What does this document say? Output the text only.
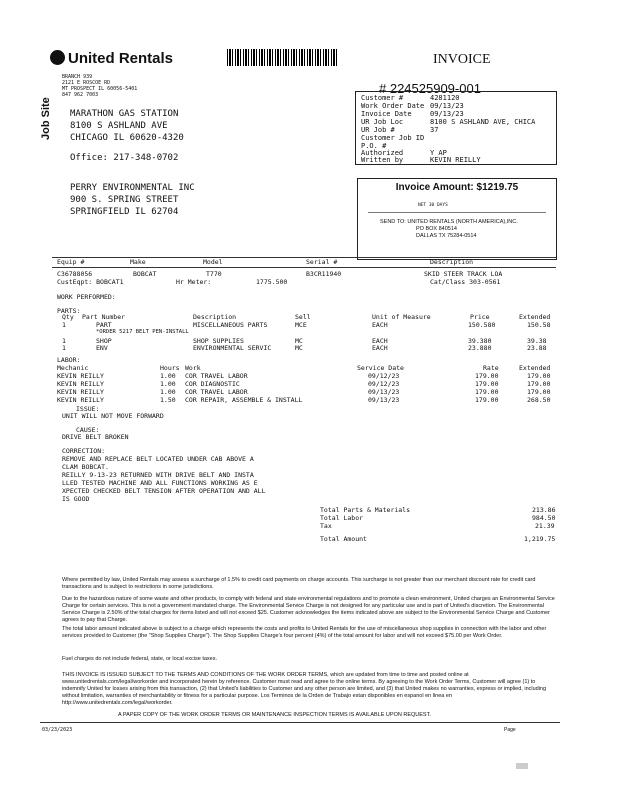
United Rentals	INVOICE
# 224525909-001
BRANCH 939
2121 E ROSCOE RD
MT PROSPECT IL 60056-5401
847 962 7003
Job Site MARATHON GAS STATION
8100 S ASHLAND AVE
CHICAGO IL 60620-4320
Office: 217-348-0702
Customer #	4281120
Work Order Date 09/13/23
Invoice Date	09/13/23
UR Job Loc	8100 S ASHLAND AVE, CHICA
UR Job #	37
Customer Job ID
P.O. #
Authorized	Y AP
Written by	KEVIN REILLY
PERRY ENVIRONMENTAL INC
900 S. SPRING STREET
SPRINGFIELD IL 62704
Invoice Amount: $1219.75
NET 30 DAYS
SEND TO: UNITED RENTALS (NORTH AMERICA),INC.
PO BOX 840514
DALLAS TX 75284-0514
Equip #	Make	Model	Serial #	Description
C36788056	BOBCAT	T770	B3CR11940	SKID STEER TRACK LOA
CustEqpt: BOBCAT1	Hr Meter:	1775.500	Cat/Class 303-0561
WORK PERFORMED:
PARTS:
Qty Part Number	Description	Sell	Unit of Measure	Price	Extended
1	PART	MISCELLANEOUS PARTS	MCE	EACH	150.580	150.58
*ORDER 5217 BELT PEN-INSTALL
1	SHOP	SHOP SUPPLIES	MC	EACH	39.380	39.38
1	ENV	ENVIRONMENTAL SERVIC	MC	EACH	23.880	23.88
LABOR:
Mechanic	Hours Work	Service Date	Rate	Extended
KEVIN REILLY	1.00 COR TRAVEL LABOR	09/12/23	179.00	179.00
KEVIN REILLY	1.00 COR DIAGNOSTIC	09/12/23	179.00	179.00
KEVIN REILLY	1.00 COR TRAVEL LABOR	09/13/23	179.00	179.00
KEVIN REILLY	1.50 COR REPAIR, ASSEMBLE & INSTALL	09/13/23	179.00	268.50
ISSUE:
UNIT WILL NOT MOVE FORWARD
CAUSE:
DRIVE BELT BROKEN
CORRECTION:
REMOVE AND REPLACE BELT LOCATED UNDER CAB ABOVE A
CLAM BOBCAT.
REILLY 9-13-23 RETURNED WITH DRIVE BELT AND INSTA
LLED TESTED MACHINE AND ALL FUNCTIONS WORKING AS E
XPECTED CHECKED BELT TENSION AFTER OPERATION AND ALL
IS GOOD
Total Parts & Materials	213.86
Total Labor	984.50
Tax	21.39
Total Amount	1,219.75
Where permitted by law, United Rentals may assess a surcharge of 1.5% to credit card payments on charge accounts. This surcharge is not greater than our merchant discount rate for credit card transactions and is subject to restrictions in some jurisdictions.
Due to the hazardous nature of some waste and other products, to comply with federal and state environmental regulations and to promote a clean environment, United charges an Environmental Service Charge for certain services. This is not a government mandated charge. The Environmental Service Charge is not designed for any particular use and is part of United's discretion. The Environmental Service Charge is 2.50% of the total charges for items listed and will not exceed $25. Customer acknowledges the items indicated above are subject to the Environmental Service Charge and Customer agrees to pay that Charge.
The total labor amount indicated above is subject to a charge which represents the costs and profits to United Rentals for the use of miscellaneous shop supplies in connection with the labor and other services provided to Customer (the "Shop Supplies Charge"). The Shop Supplies Charge's four percent (4%) of the total amount for labor and will not exceed $75.00 per Work Order.
Fuel charges do not include federal, state, or local excise taxes.
THIS INVOICE IS ISSUED SUBJECT TO THE TERMS AND CONDITIONS OF THE WORK ORDER TERMS, which are updated from time to time and posted online at www.unitedrentals.com/legal/workorder and incorporated herein by reference. Customer must read and agree to the online terms. By agreeing to the Work Order Terms, Customer will agree (1) to indemnify United for losses arising from this transaction, (2) that United's liabilities to Customer and any other person are limited, and (3) that United makes no warranties, express or implied, including without limitation, warranties of merchantability or fitness for a particular purpose. Los Terminos de la Orden de Trabajo estan disponibles en espanol en linea en http://www.unitedrentals.com/legal/workorder.
A PAPER COPY OF THE WORK ORDER TERMS OR MAINTENANCE INSPECTION TERMS IS AVAILABLE UPON REQUEST.
03/23/2023	Page
